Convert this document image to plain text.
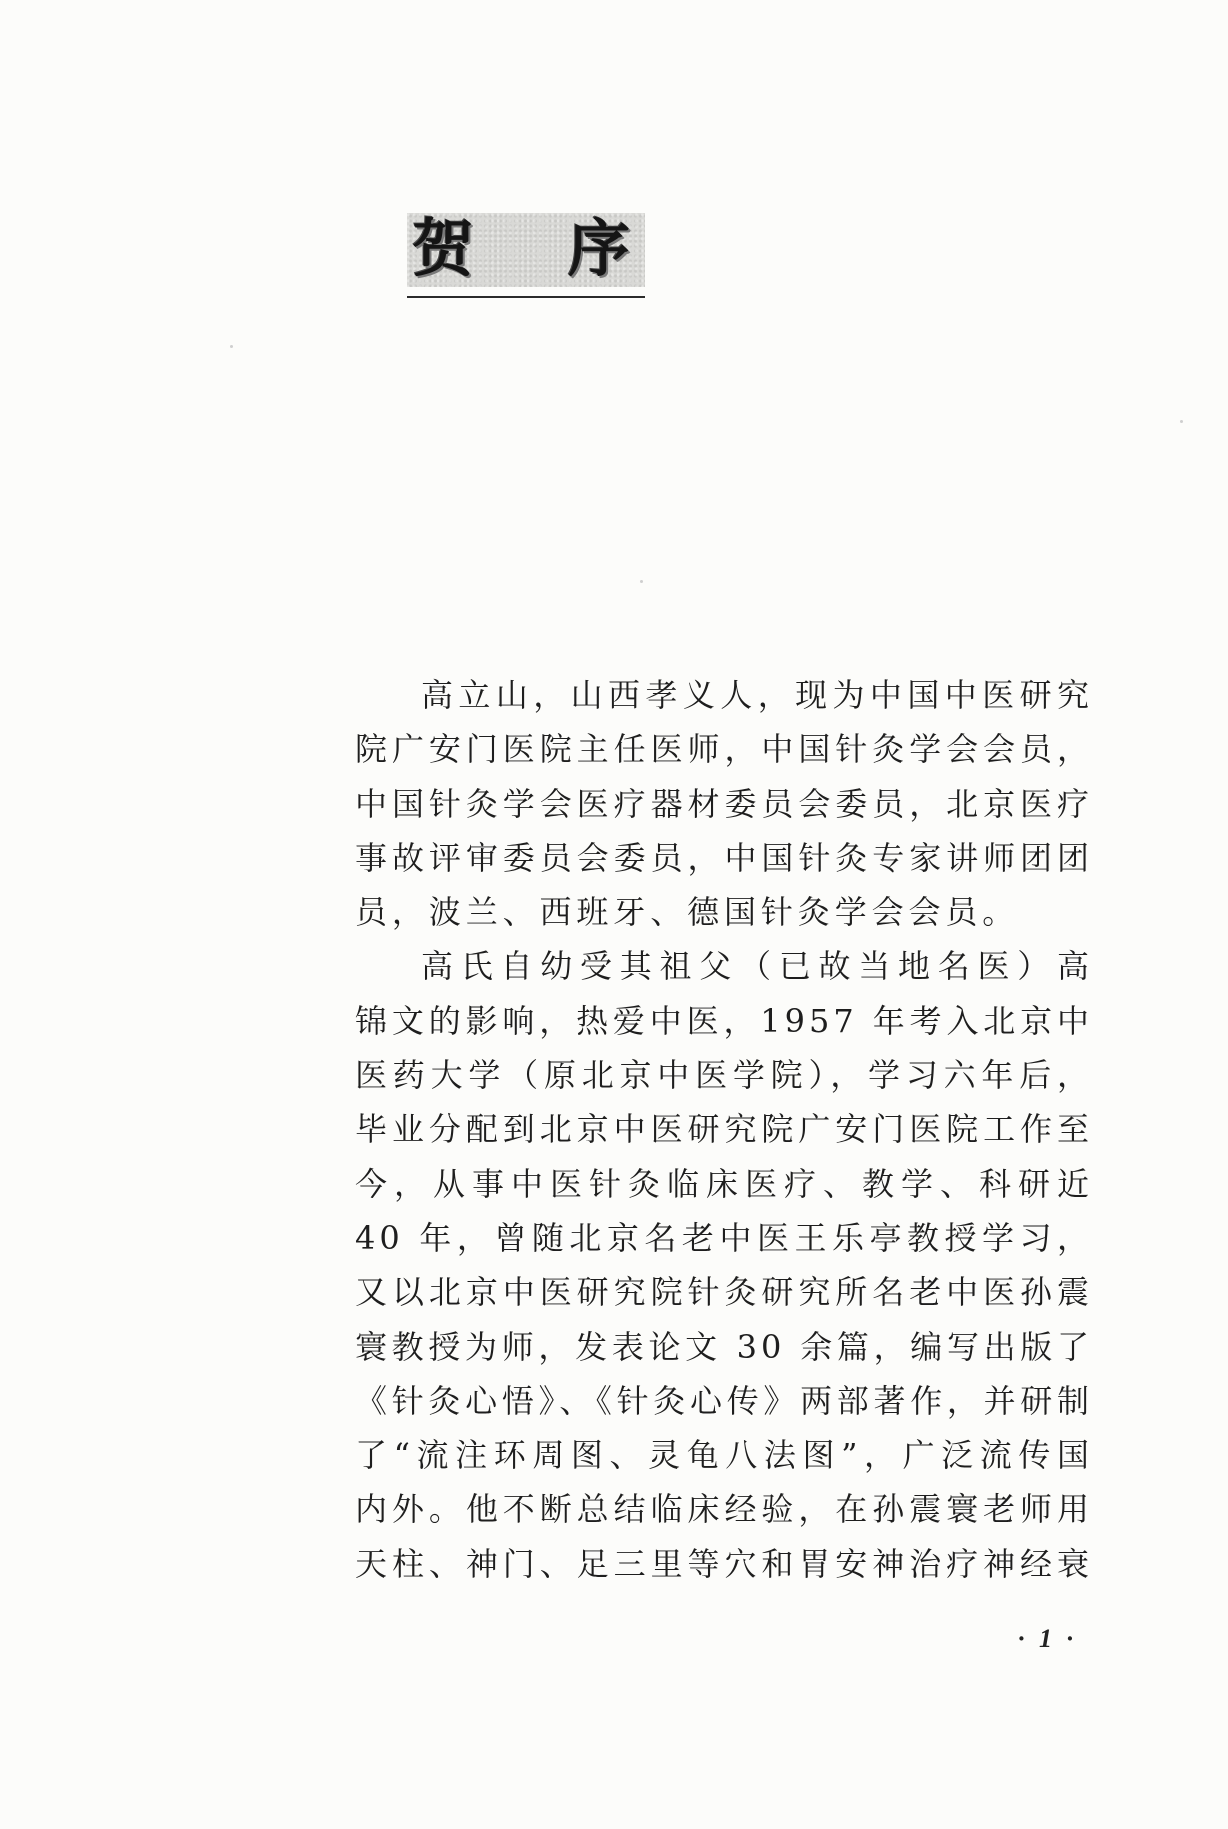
贺序
高立山，山西孝义人，现为中国中医研究
院广安门医院主任医师，中国针灸学会会员，
中国针灸学会医疗器材委员会委员，北京医疗
事故评审委员会委员，中国针灸专家讲师团团
员，波兰、西班牙、德国针灸学会会员。
高氏自幼受其祖父（已故当地名医）高
锦文的影响，热爱中医，1957 年考入北京中
医药大学（原北京中医学院），学习六年后，
毕业分配到北京中医研究院广安门医院工作至
今，从事中医针灸临床医疗、教学、科研近
40 年，曾随北京名老中医王乐亭教授学习，
又以北京中医研究院针灸研究所名老中医孙震
寰教授为师，发表论文 30 余篇，编写出版了
《针灸心悟》、《针灸心传》两部著作，并研制
了“流注环周图、灵龟八法图”，广泛流传国
内外。他不断总结临床经验，在孙震寰老师用
天柱、神门、足三里等穴和胃安神治疗神经衰
· 1 ·
